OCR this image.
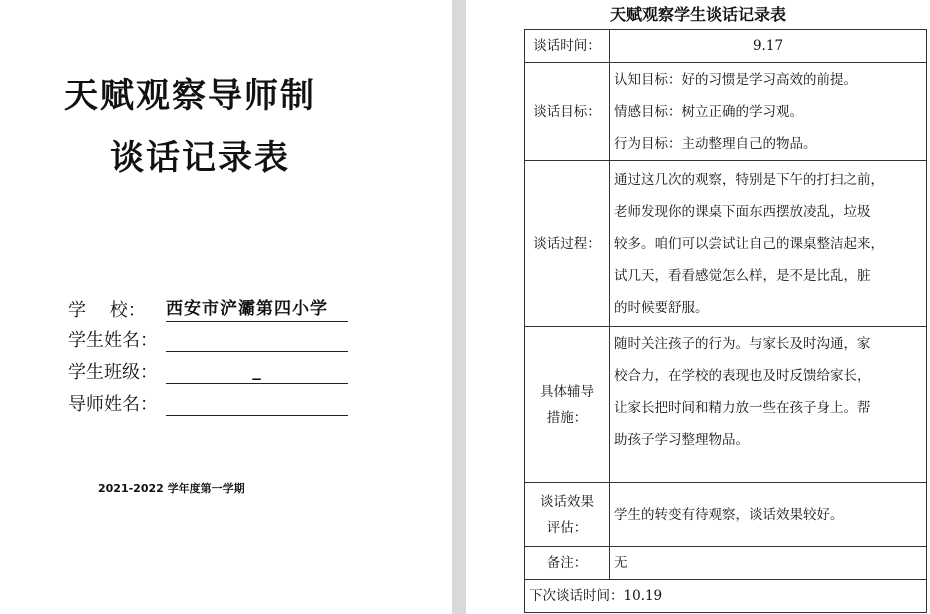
天赋观察导师制
谈话记录表
学　 校：	西安市浐灞第四小学
学生姓名：
学生班级：	_
导师姓名：
2021-2022 学年度第一学期
天赋观察学生谈话记录表
谈话时间：	9.17
谈话目标：	认知目标：好的习惯是学习高效的前提。
情感目标：树立正确的学习观。
行为目标：主动整理自己的物品。

谈话过程：	通过这几次的观察，特别是下午的打扫之前，
老师发现你的课桌下面东西摆放凌乱，垃圾
较多。咱们可以尝试让自己的课桌整洁起来，
试几天，看看感觉怎么样，是不是比乱，脏
的时候要舒服。

具体辅导
措施：	随时关注孩子的行为。与家长及时沟通，家
校合力，在学校的表现也及时反馈给家长，
让家长把时间和精力放一些在孩子身上。帮
助孩子学习整理物品。

谈话效果
评估：	学生的转变有待观察，谈话效果较好。
备注：	无
下次谈话时间：10.19	
